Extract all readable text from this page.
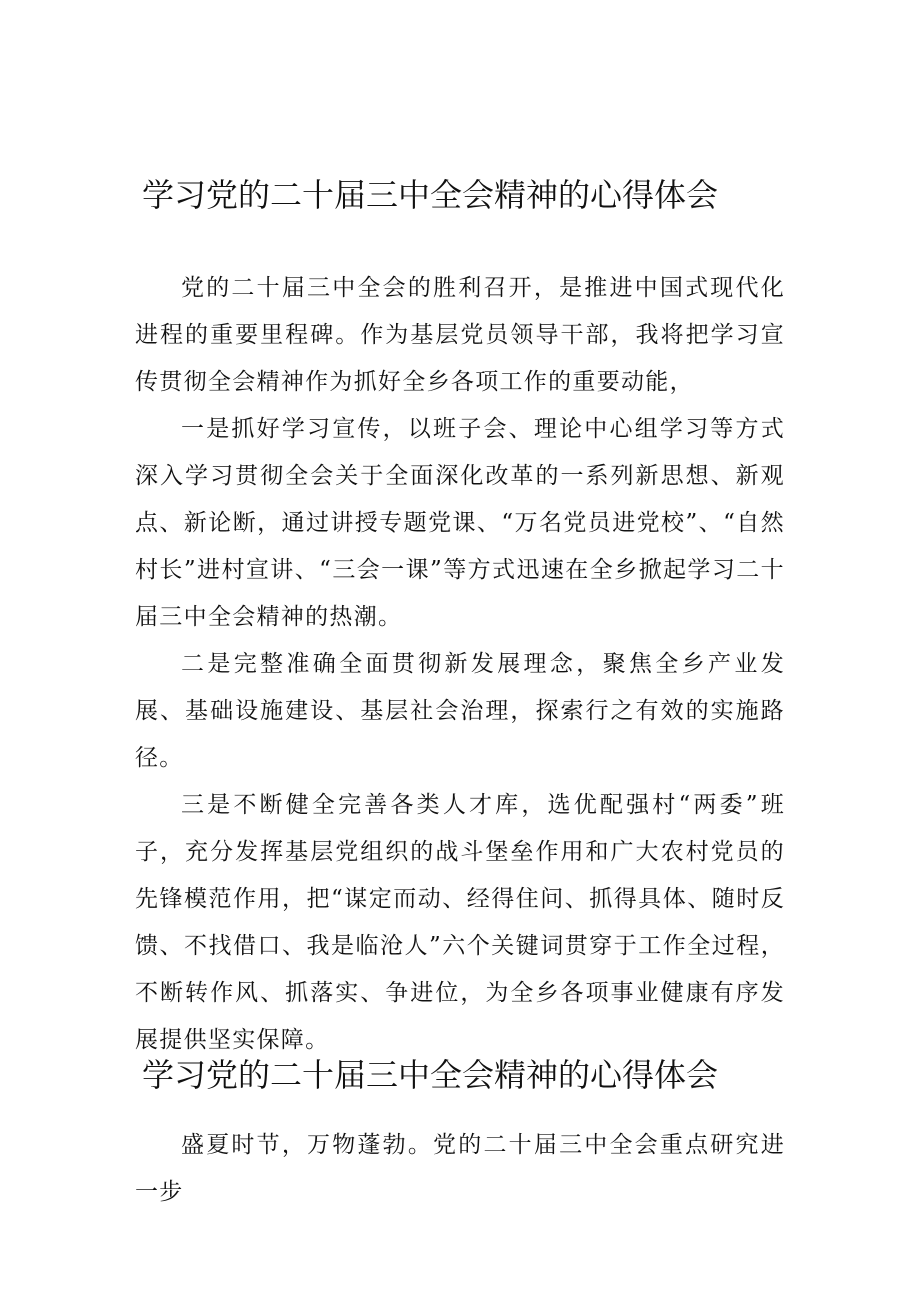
学习党的二十届三中全会精神的心得体会

党的二十届三中全会的胜利召开，是推进中国式现代化进程的重要里程碑。作为基层党员领导干部，我将把学习宣传贯彻全会精神作为抓好全乡各项工作的重要动能，

一是抓好学习宣传，以班子会、理论中心组学习等方式深入学习贯彻全会关于全面深化改革的一系列新思想、新观点、新论断，通过讲授专题党课、“万名党员进党校”、“自然村长”进村宣讲、“三会一课”等方式迅速在全乡掀起学习二十届三中全会精神的热潮。

二是完整准确全面贯彻新发展理念，聚焦全乡产业发展、基础设施建设、基层社会治理，探索行之有效的实施路径。

三是不断健全完善各类人才库，选优配强村“两委”班子，充分发挥基层党组织的战斗堡垒作用和广大农村党员的先锋模范作用，把“谋定而动、经得住问、抓得具体、随时反馈、不找借口、我是临沧人”六个关键词贯穿于工作全过程，不断转作风、抓落实、争进位，为全乡各项事业健康有序发展提供坚实保障。

学习党的二十届三中全会精神的心得体会

盛夏时节，万物蓬勃。党的二十届三中全会重点研究进一步
